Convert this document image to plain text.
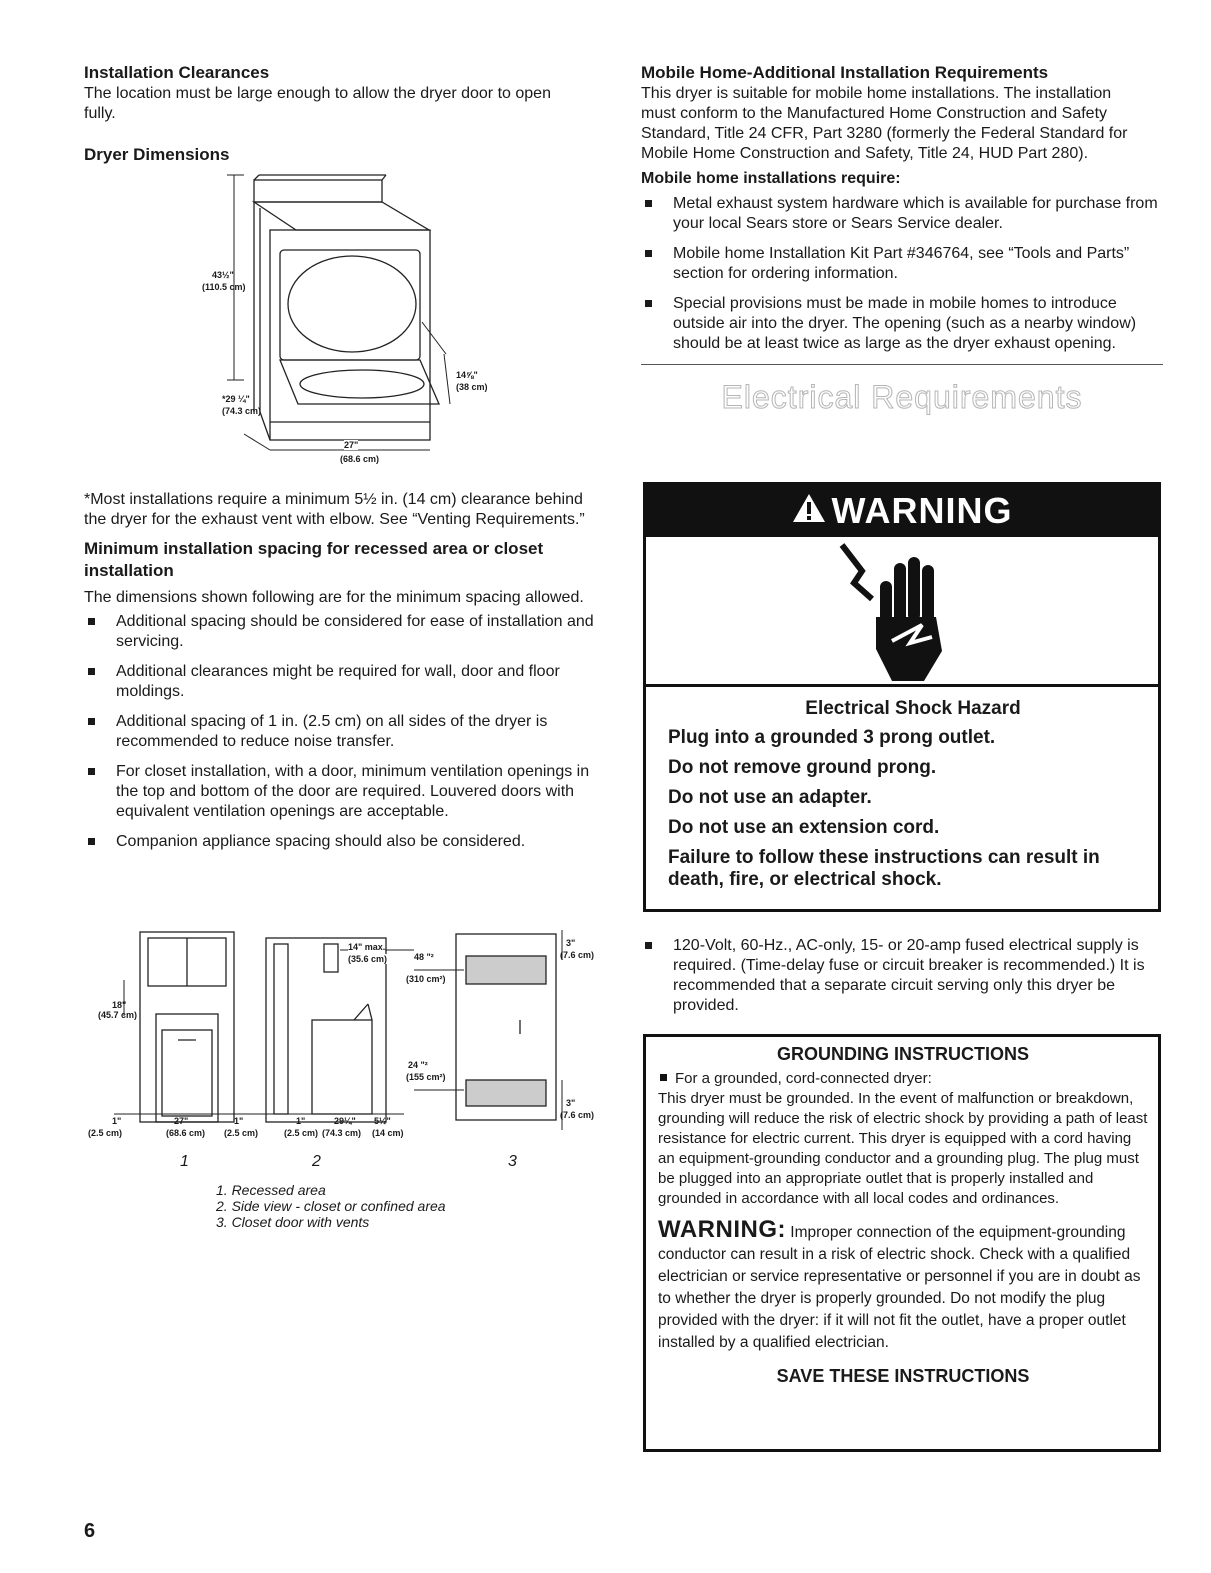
Installation Clearances
The location must be large enough to allow the dryer door to open fully.
Dryer Dimensions
43½"
(110.5 cm)
*29 ¼"
(74.3 cm)
14⅝"
(38 cm)
27"
(68.6 cm)
*Most installations require a minimum 5½ in. (14 cm) clearance behind the dryer for the exhaust vent with elbow. See “Venting Requirements.”
Minimum installation spacing for recessed area or closet installation
The dimensions shown following are for the minimum spacing allowed.
Additional spacing should be considered for ease of installation and servicing.
Additional clearances might be required for wall, door and floor moldings.
Additional spacing of 1 in. (2.5 cm) on all sides of the dryer is recommended to reduce noise transfer.
For closet installation, with a door, minimum ventilation openings in the top and bottom of the door are required. Louvered doors with equivalent ventilation openings are acceptable.
Companion appliance spacing should also be considered.
18"
(45.7 cm)
1"
(2.5 cm)
27"
(68.6 cm)
1"
(2.5 cm)
1"
(2.5 cm)
29¼"
(74.3 cm)
5½"
(14 cm)
14" max.
(35.6 cm)	48 "²
(310 cm²)
24 "²
(155 cm²)
3"
(7.6 cm)
3"
(7.6 cm)
1	2	3
1. Recessed area
2. Side view - closet or confined area
3. Closet door with vents
Mobile Home-Additional Installation Requirements
This dryer is suitable for mobile home installations. The installation must conform to the Manufactured Home Construction and Safety Standard, Title 24 CFR, Part 3280 (formerly the Federal Standard for Mobile Home Construction and Safety, Title 24, HUD Part 280).
Mobile home installations require:
Metal exhaust system hardware which is available for purchase from your local Sears store or Sears Service dealer.
Mobile home Installation Kit Part #346764, see “Tools and Parts” section for ordering information.
Special provisions must be made in mobile homes to introduce outside air into the dryer. The opening (such as a nearby window) should be at least twice as large as the dryer exhaust opening.
Electrical Requirements
WARNING
Electrical Shock Hazard
Plug into a grounded 3 prong outlet.
Do not remove ground prong.
Do not use an adapter.
Do not use an extension cord.
Failure to follow these instructions can result in death, fire, or electrical shock.
120-Volt, 60-Hz., AC-only, 15- or 20-amp fused electrical supply is required. (Time-delay fuse or circuit breaker is recommended.) It is recommended that a separate circuit serving only this dryer be provided.
GROUNDING INSTRUCTIONS
For a grounded, cord-connected dryer:
This dryer must be grounded. In the event of malfunction or breakdown, grounding will reduce the risk of electric shock by providing a path of least resistance for electric current. This dryer is equipped with a cord having an equipment-grounding conductor and a grounding plug. The plug must be plugged into an appropriate outlet that is properly installed and grounded in accordance with all local codes and ordinances.
WARNING: Improper connection of the equipment-grounding conductor can result in a risk of electric shock. Check with a qualified electrician or service representative or personnel if you are in doubt as to whether the dryer is properly grounded. Do not modify the plug provided with the dryer: if it will not fit the outlet, have a proper outlet installed by a qualified electrician.
SAVE THESE INSTRUCTIONS
6
